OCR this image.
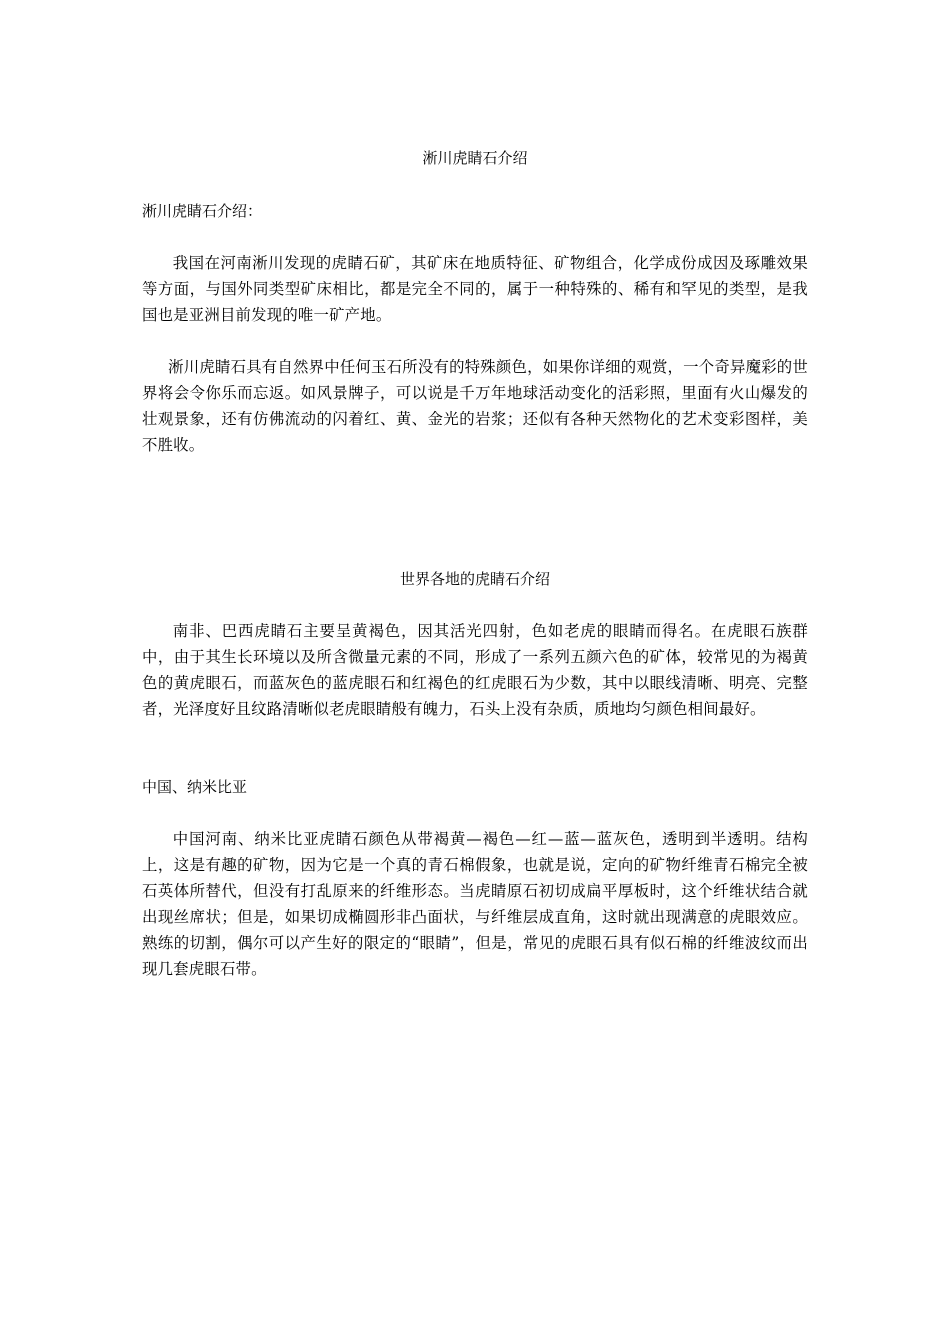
淅川虎睛石介绍
淅川虎睛石介绍：

我国在河南淅川发现的虎睛石矿，其矿床在地质特征、矿物组合，化学成份成因及琢雕效果等方面，与国外同类型矿床相比，都是完全不同的，属于一种特殊的、稀有和罕见的类型，是我国也是亚洲目前发现的唯一矿产地。

淅川虎睛石具有自然界中任何玉石所没有的特殊颜色，如果你详细的观赏，一个奇异魔彩的世界将会令你乐而忘返。如风景牌子，可以说是千万年地球活动变化的活彩照，里面有火山爆发的壮观景象，还有仿佛流动的闪着红、黄、金光的岩浆；还似有各种天然物化的艺术变彩图样，美不胜收。

世界各地的虎睛石介绍

南非、巴西虎睛石主要呈黄褐色，因其活光四射，色如老虎的眼睛而得名。在虎眼石族群中，由于其生长环境以及所含微量元素的不同，形成了一系列五颜六色的矿体，较常见的为褐黄色的黄虎眼石，而蓝灰色的蓝虎眼石和红褐色的红虎眼石为少数，其中以眼线清晰、明亮、完整者，光泽度好且纹路清晰似老虎眼睛般有魄力，石头上没有杂质，质地均匀颜色相间最好。

中国、纳米比亚

中国河南、纳米比亚虎睛石颜色从带褐黄—褐色—红—蓝—蓝灰色，透明到半透明。结构上，这是有趣的矿物，因为它是一个真的青石棉假象，也就是说，定向的矿物纤维青石棉完全被石英体所替代，但没有打乱原来的纤维形态。当虎睛原石初切成扁平厚板时，这个纤维状结合就出现丝席状；但是，如果切成椭圆形非凸面状，与纤维层成直角，这时就出现满意的虎眼效应。熟练的切割，偶尔可以产生好的限定的“眼睛”，但是，常见的虎眼石具有似石棉的纤维波纹而出现几套虎眼石带。
